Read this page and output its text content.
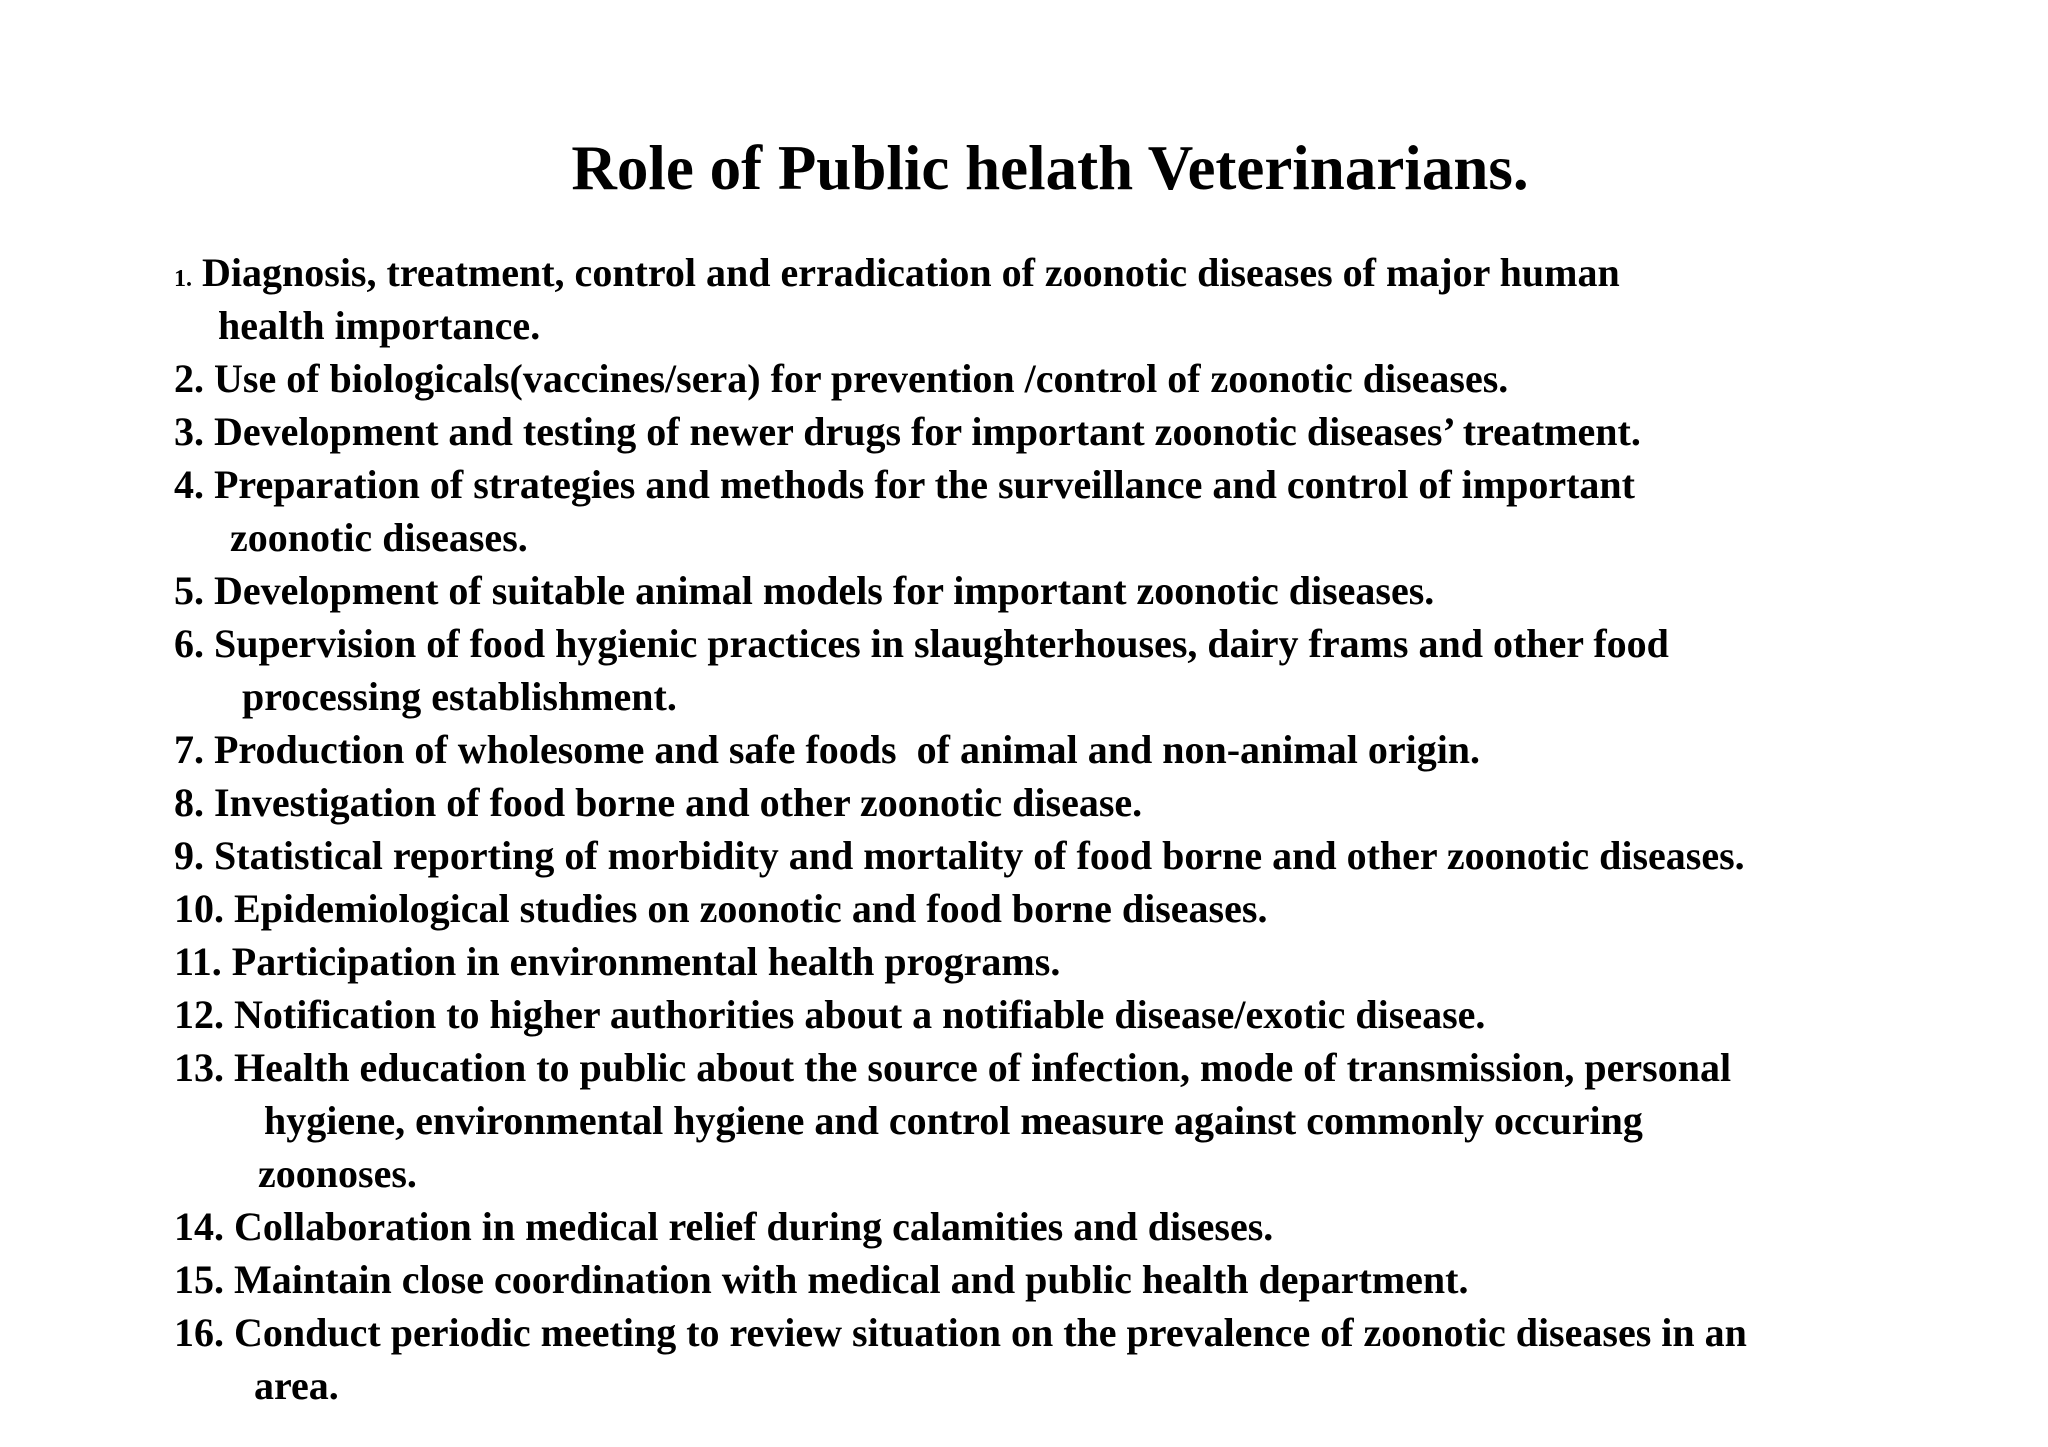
Role of Public helath Veterinarians.
1. Diagnosis, treatment, control and erradication of zoonotic diseases of major human
health importance.
2. Use of biologicals(vaccines/sera) for prevention /control of zoonotic diseases.
3. Development and testing of newer drugs for important zoonotic diseases’ treatment.
4. Preparation of strategies and methods for the surveillance and control of important
zoonotic diseases.
5. Development of suitable animal models for important zoonotic diseases.
6. Supervision of food hygienic practices in slaughterhouses, dairy frams and other food
processing establishment.
7. Production of wholesome and safe foods  of animal and non-animal origin.
8. Investigation of food borne and other zoonotic disease.
9. Statistical reporting of morbidity and mortality of food borne and other zoonotic diseases.
10. Epidemiological studies on zoonotic and food borne diseases.
11. Participation in environmental health programs.
12. Notification to higher authorities about a notifiable disease/exotic disease.
13. Health education to public about the source of infection, mode of transmission, personal
hygiene, environmental hygiene and control measure against commonly occuring
zoonoses.
14. Collaboration in medical relief during calamities and diseses.
15. Maintain close coordination with medical and public health department.
16. Conduct periodic meeting to review situation on the prevalence of zoonotic diseases in an
area.
